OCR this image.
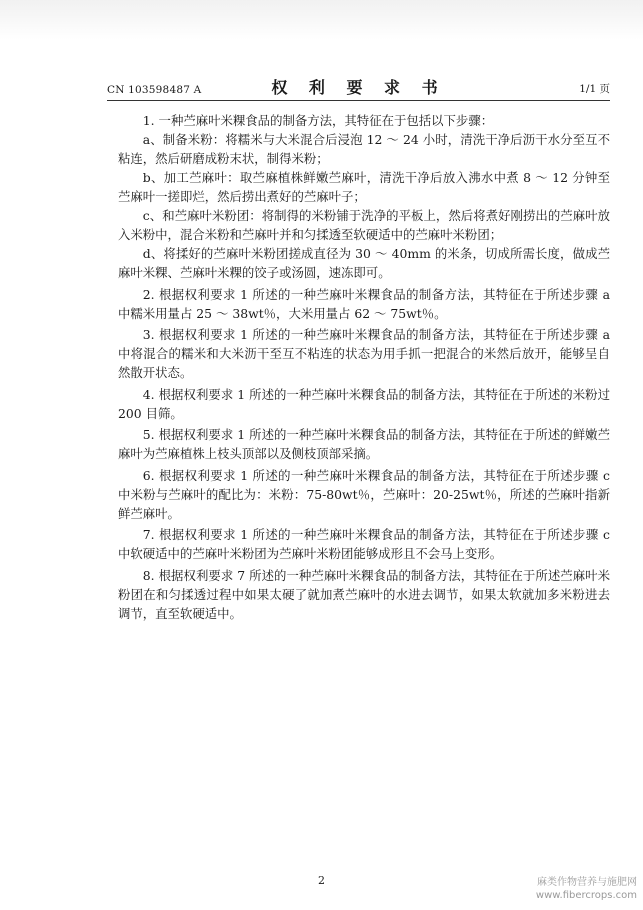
CN 103598487 A	权 利 要 求 书	1/1 页

1. 一种苎麻叶米粿食品的制备方法，其特征在于包括以下步骤：

a、制备米粉：将糯米与大米混合后浸泡 12 ～ 24 小时，清洗干净后沥干水分至互不粘连，然后研磨成粉末状，制得米粉；

b、加工苎麻叶：取苎麻植株鲜嫩苎麻叶，清洗干净后放入沸水中煮 8 ～ 12 分钟至苎麻叶一搓即烂，然后捞出煮好的苎麻叶子；

c、和苎麻叶米粉团：将制得的米粉铺于洗净的平板上，然后将煮好刚捞出的苎麻叶放入米粉中，混合米粉和苎麻叶并和匀揉透至软硬适中的苎麻叶米粉团；

d、将揉好的苎麻叶米粉团搓成直径为 30 ～ 40mm 的米条，切成所需长度，做成苎麻叶米粿、苎麻叶米粿的饺子或汤圆，速冻即可。

2. 根据权利要求 1 所述的一种苎麻叶米粿食品的制备方法，其特征在于所述步骤 a 中糯米用量占 25 ～ 38wt％，大米用量占 62 ～ 75wt％。

3. 根据权利要求 1 所述的一种苎麻叶米粿食品的制备方法，其特征在于所述步骤 a 中将混合的糯米和大米沥干至互不粘连的状态为用手抓一把混合的米然后放开，能够呈自然散开状态。

4. 根据权利要求 1 所述的一种苎麻叶米粿食品的制备方法，其特征在于所述的米粉过 200 目筛。

5. 根据权利要求 1 所述的一种苎麻叶米粿食品的制备方法，其特征在于所述的鲜嫩苎麻叶为苎麻植株上枝头顶部以及侧枝顶部采摘。

6. 根据权利要求 1 所述的一种苎麻叶米粿食品的制备方法，其特征在于所述步骤 c 中米粉与苎麻叶的配比为：米粉：75-80wt％，苎麻叶：20-25wt％，所述的苎麻叶指新鲜苎麻叶。

7. 根据权利要求 1 所述的一种苎麻叶米粿食品的制备方法，其特征在于所述步骤 c 中软硬适中的苎麻叶米粉团为苎麻叶米粉团能够成形且不会马上变形。

8. 根据权利要求 7 所述的一种苎麻叶米粿食品的制备方法，其特征在于所述苎麻叶米粉团在和匀揉透过程中如果太硬了就加煮苎麻叶的水进去调节，如果太软就加多米粉进去调节，直至软硬适中。

2	麻类作物营养与施肥网
www.fibercrops.com
